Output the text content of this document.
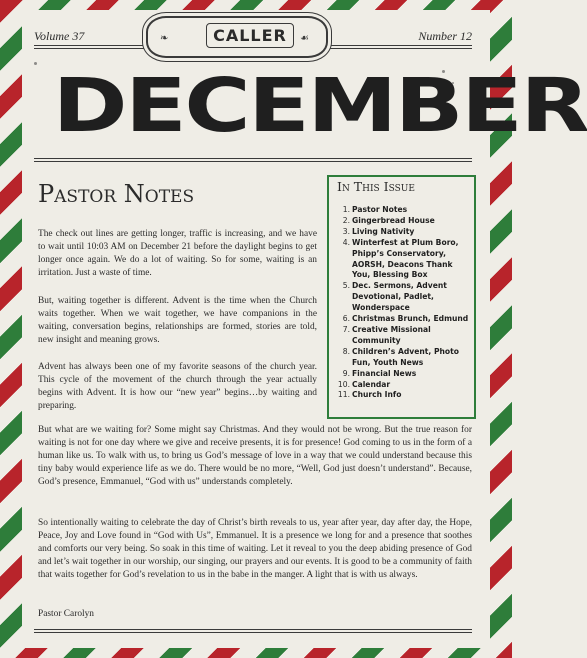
Volume 37	Number 12
❧	☙
CALLER
DECEMBER
Pastor Notes

The check out lines are getting longer, traffic is increasing, and we have to wait until 10:03 AM on December 21 before the daylight begins to get longer once again. We do a lot of waiting. So for some, waiting is an irritation. Just a waste of time.

But, waiting together is different. Advent is the time when the Church waits together. When we wait together, we have companions in the waiting, conversation begins, relationships are formed, stories are told, new insight and meaning grows.

Advent has always been one of my favorite seasons of the church year. This cycle of the movement of the church through the year actually begins with Advent. It is how our “new year” begins…by waiting and preparing.

But what are we waiting for? Some might say Christmas. And they would not be wrong. But the true reason for waiting is not for one day where we give and receive presents, it is for presence! God coming to us in the form of a human like us. To walk with us, to bring us God’s message of love in a way that we could understand because this tiny baby would experience life as we do. There would be no more, “Well, God just doesn’t understand”. Because, God’s presence, Emmanuel, “God with us” understands completely.

So intentionally waiting to celebrate the day of Christ’s birth reveals to us, year after year, day after day, the Hope, Peace, Joy and Love found in “God with Us”, Emmanuel. It is a presence we long for and a presence that soothes and comforts our very being. So soak in this time of waiting. Let it reveal to you the deep abiding presence of God and let’s wait together in our worship, our singing, our prayers and our events. It is good to be a community of faith that waits together for God’s revelation to us in the babe in the manger. A light that is with us always.

Pastor Carolyn

In This Issue
1. Pastor Notes
2. Gingerbread House
3. Living Nativity
4. Winterfest at Plum Boro, Phipp’s Conservatory, AORSH, Deacons Thank You, Blessing Box
5. Dec. Sermons, Advent Devotional, Padlet, Wonderspace
6. Christmas Brunch, Edmund
7. Creative Missional Community
8. Children’s Advent, Photo Fun, Youth News
9. Financial News
10. Calendar
11. Church Info
